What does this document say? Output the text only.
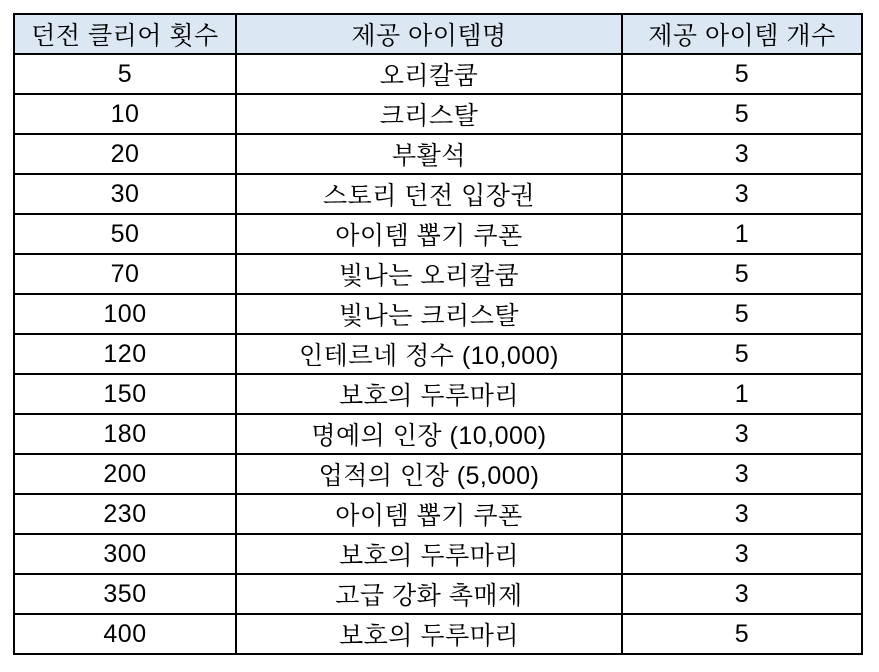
던전 클리어 횟수	제공 아이템명	제공 아이템 개수
5	오리칼쿰	5
10	크리스탈	5
20	부활석	3
30	스토리 던전 입장권	3
50	아이템 뽑기 쿠폰	1
70	빛나는 오리칼쿰	5
100	빛나는 크리스탈	5
120	인테르네 정수 (10,000)	5
150	보호의 두루마리	1
180	명예의 인장 (10,000)	3
200	업적의 인장 (5,000)	3
230	아이템 뽑기 쿠폰	3
300	보호의 두루마리	3
350	고급 강화 촉매제	3
400	보호의 두루마리	5
